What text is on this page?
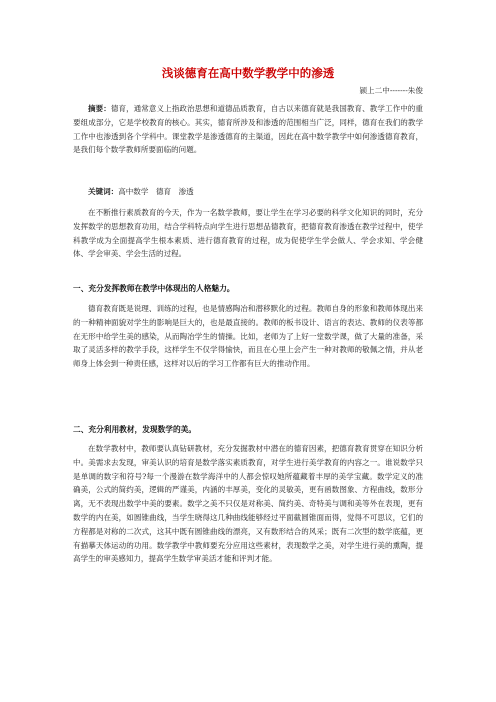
浅谈德育在高中数学教学中的渗透

颍上二中-------朱俊

摘要：德育，通常意义上指政治思想和道德品质教育，自古以来德育就是我国教育、教学工作中的重要组成部分，它是学校教育的核心。其实，德育所涉及和渗透的范围相当广泛，同样，德育在我们的教学工作中也渗透到各个学科中。课堂教学是渗透德育的主渠道，因此在高中数学教学中如何渗透德育教育，是我们每个数学教师所要面临的问题。

关键词：高中数学　德育　渗透

在不断推行素质教育的今天，作为一名数学教师，要让学生在学习必要的科学文化知识的同时，充分发挥数学的思想教育功用，结合学科特点向学生进行思想品德教育，把德育教育渗透在教学过程中，使学科教学成为全面提高学生根本素质、进行德育教育的过程，成为促使学生学会做人、学会求知、学会健体、学会审美、学会生活的过程。

一、充分发挥教师在教学中体现出的人格魅力。

德育教育既是说理、训练的过程，也是情感陶冶和潜移默化的过程。教师自身的形象和教师体现出来的一种精神面貌对学生的影响是巨大的，也是最直接的。教师的板书设计、语言的表达、教师的仪表等都在无形中给学生美的感染，从而陶冶学生的情操。比如，老师为了上好一堂数学课，做了大量的准备，采取了灵活多样的教学手段，这样学生不仅学得愉快，而且在心里上会产生一种对教师的敬佩之情，并从老师身上体会到一种责任感，这样对以后的学习工作都有巨大的推动作用。

二、充分利用教材，发现数学的美。

在数学教材中，教师要认真钻研教材，充分发掘教材中潜在的德育因素，把德育教育贯穿在知识分析中。美需求去发现，审美认识的培育是数学落实素质教育，对学生进行美学教育的内容之一。谁说数学只是单调的数字和符号?每一个漫游在数学海洋中的人都会惊叹她所蕴藏着丰厚的美学宝藏。数学定义的准确美，公式的简约美，逻辑的严谨美，内涵的丰厚美，变化的灵敏美，更有函数图象、方程曲线，数形分离，无不表现出数学中美的要素。数学之美不只仅是对称美、简约美、奇特美与调和美等外在表现，更有数学的内在美，如圆锥曲线，当学生晓得这几种曲线能够经过平面截圆锥面而得，觉得不可思议，它们的方程都是对称的二次式，这其中既有圆锥曲线的漂亮，又有数形结合的风采；既有二次型的数学底蕴，更有描摹天体运动的功用。数学教学中教师要充分应用这些素材，表现数学之美，对学生进行美的熏陶，提高学生的审美感知力，提高学生数学审美活才能和评判才能。
